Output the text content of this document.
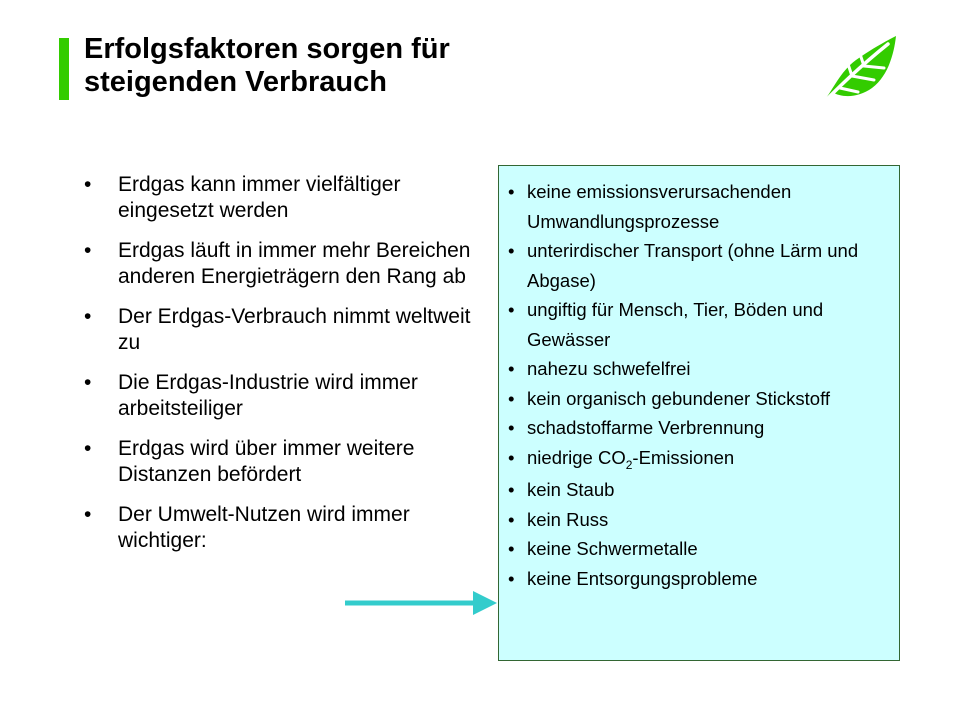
Erfolgsfaktoren sorgen für
steigenden Verbrauch
• Erdgas kann immer vielfältiger eingesetzt werden
• Erdgas läuft in immer mehr Bereichen anderen Energieträgern den Rang ab
• Der Erdgas-Verbrauch nimmt weltweit zu
• Die Erdgas-Industrie wird immer arbeitsteiliger
• Erdgas wird über immer weitere Distanzen befördert
• Der Umwelt-Nutzen wird immer wichtiger:
• keine emissionsverursachenden Umwandlungsprozesse
• unterirdischer Transport (ohne Lärm und Abgase)
• ungiftig für Mensch, Tier, Böden und Gewässer
• nahezu schwefelfrei
• kein organisch gebundener Stickstoff
• schadstoffarme Verbrennung
• niedrige $CO_2$-Emissionen
• kein Staub
• kein Russ
• keine Schwermetalle
• keine Entsorgungsprobleme
